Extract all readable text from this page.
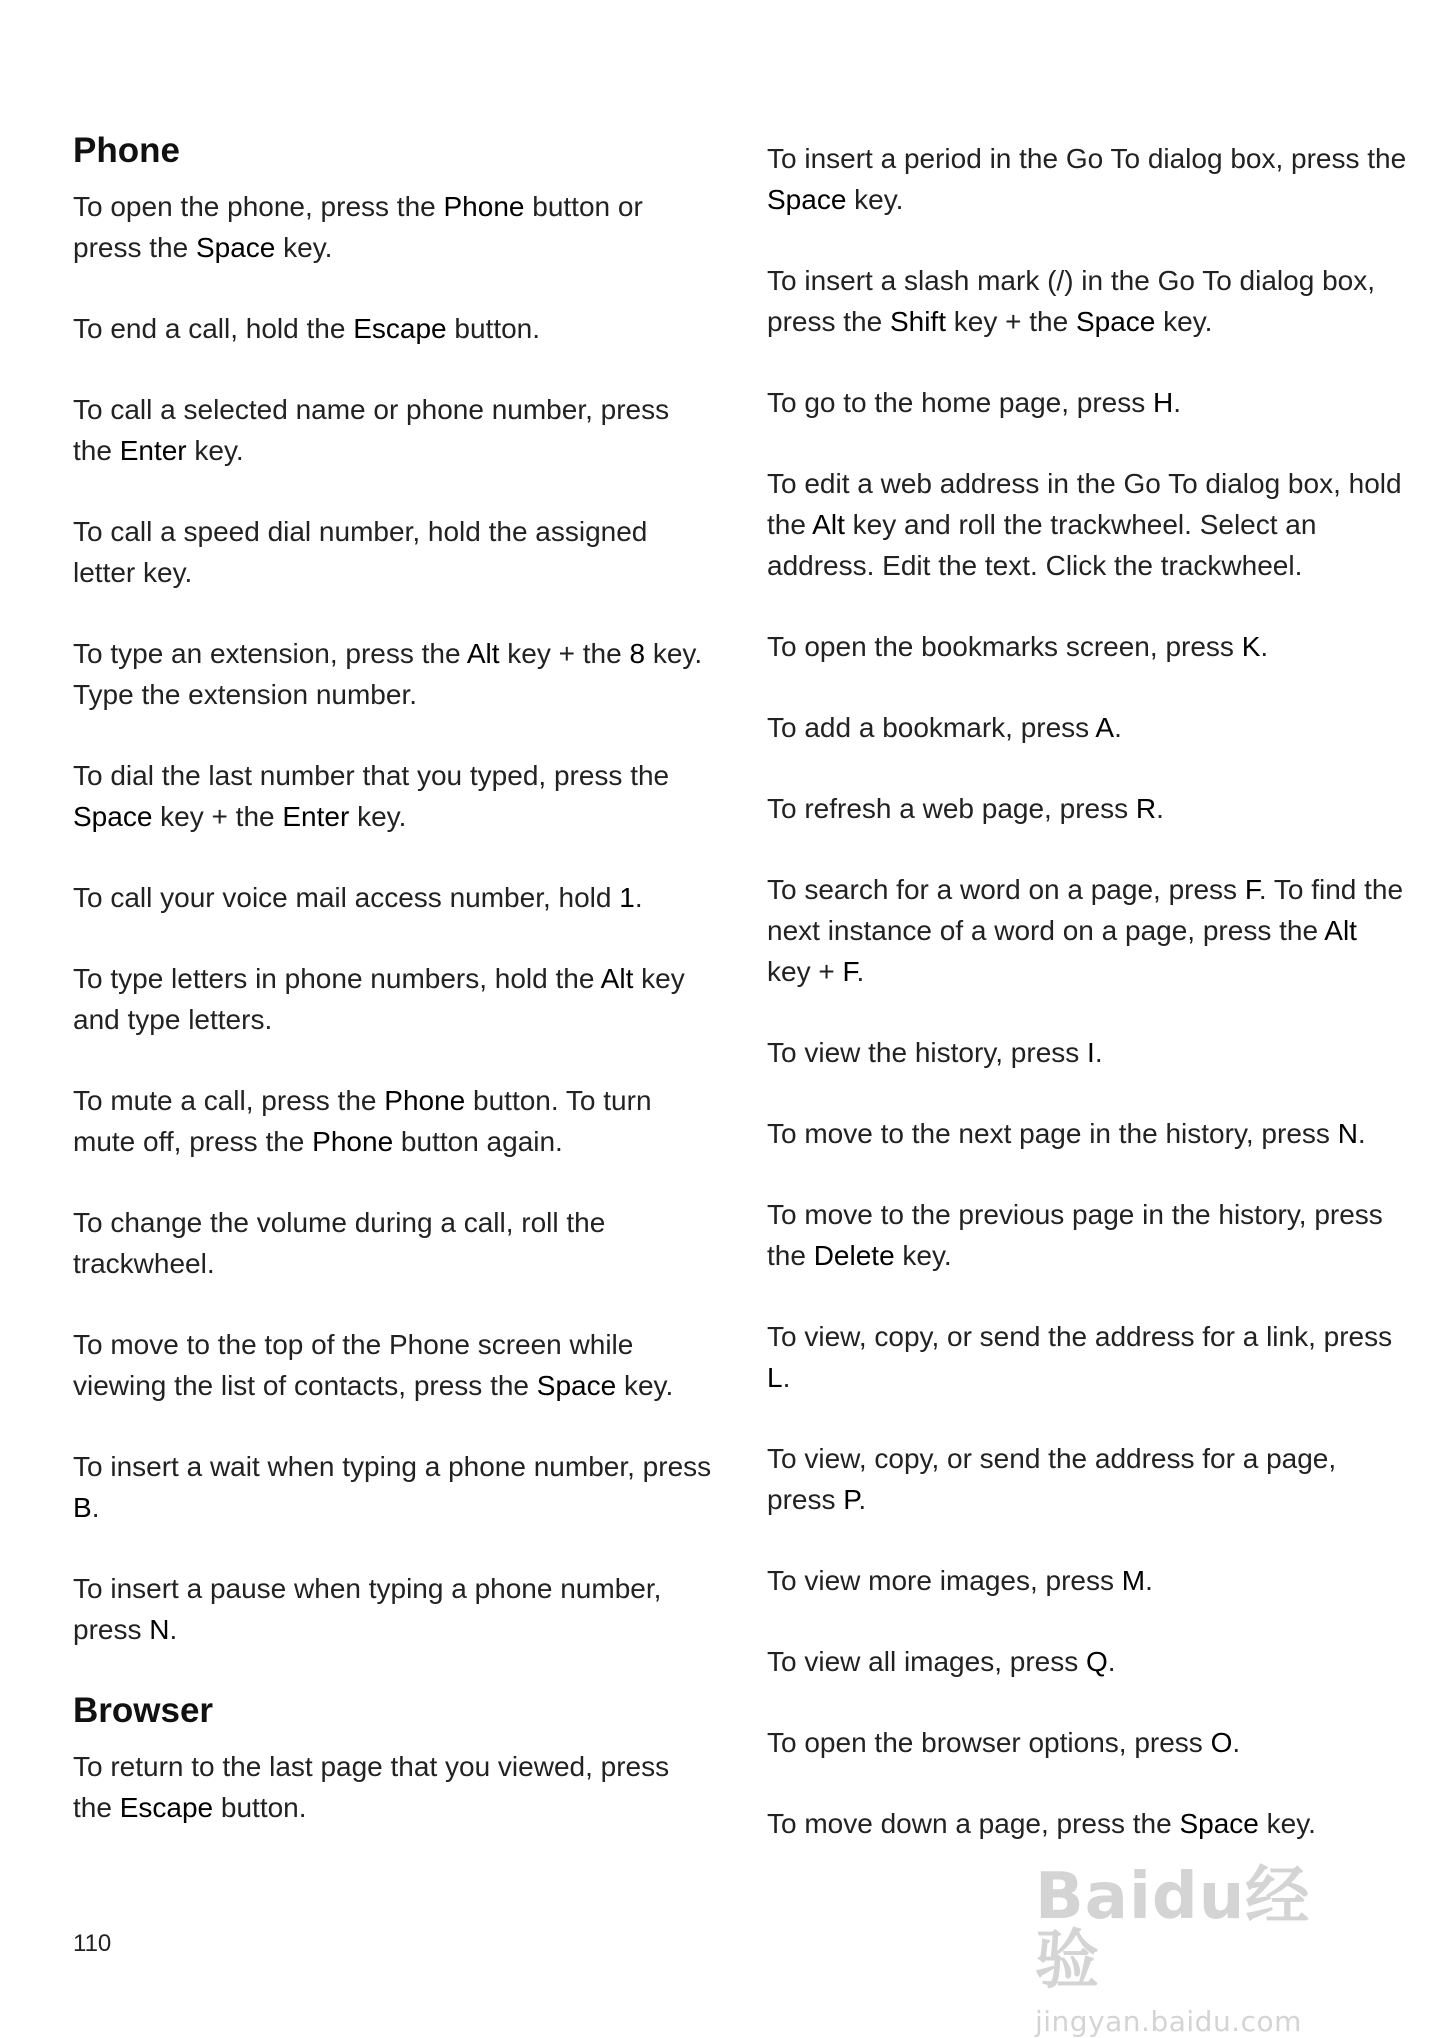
Phone

To open the phone, press the Phone button or press the Space key.

To end a call, hold the Escape button.

To call a selected name or phone number, press the Enter key.

To call a speed dial number, hold the assigned letter key.

To type an extension, press the Alt key + the 8 key. Type the extension number.

To dial the last number that you typed, press the Space key + the Enter key.

To call your voice mail access number, hold 1.

To type letters in phone numbers, hold the Alt key and type letters.

To mute a call, press the Phone button. To turn mute off, press the Phone button again.

To change the volume during a call, roll the trackwheel.

To move to the top of the Phone screen while viewing the list of contacts, press the Space key.

To insert a wait when typing a phone number, press B.

To insert a pause when typing a phone number, press N.

Browser

To return to the last page that you viewed, press the Escape button.

To insert a period in the Go To dialog box, press the Space key.

To insert a slash mark (/) in the Go To dialog box, press the Shift key + the Space key.

To go to the home page, press H.

To edit a web address in the Go To dialog box, hold the Alt key and roll the trackwheel. Select an address. Edit the text. Click the trackwheel.

To open the bookmarks screen, press K.

To add a bookmark, press A.

To refresh a web page, press R.

To search for a word on a page, press F. To find the next instance of a word on a page, press the Alt key + F.

To view the history, press I.

To move to the next page in the history, press N.

To move to the previous page in the history, press the Delete key.

To view, copy, or send the address for a link, press L.

To view, copy, or send the address for a page, press P.

To view more images, press M.

To view all images, press Q.

To open the browser options, press O.

To move down a page, press the Space key.

110
Baidu经验
jingyan.baidu.com
